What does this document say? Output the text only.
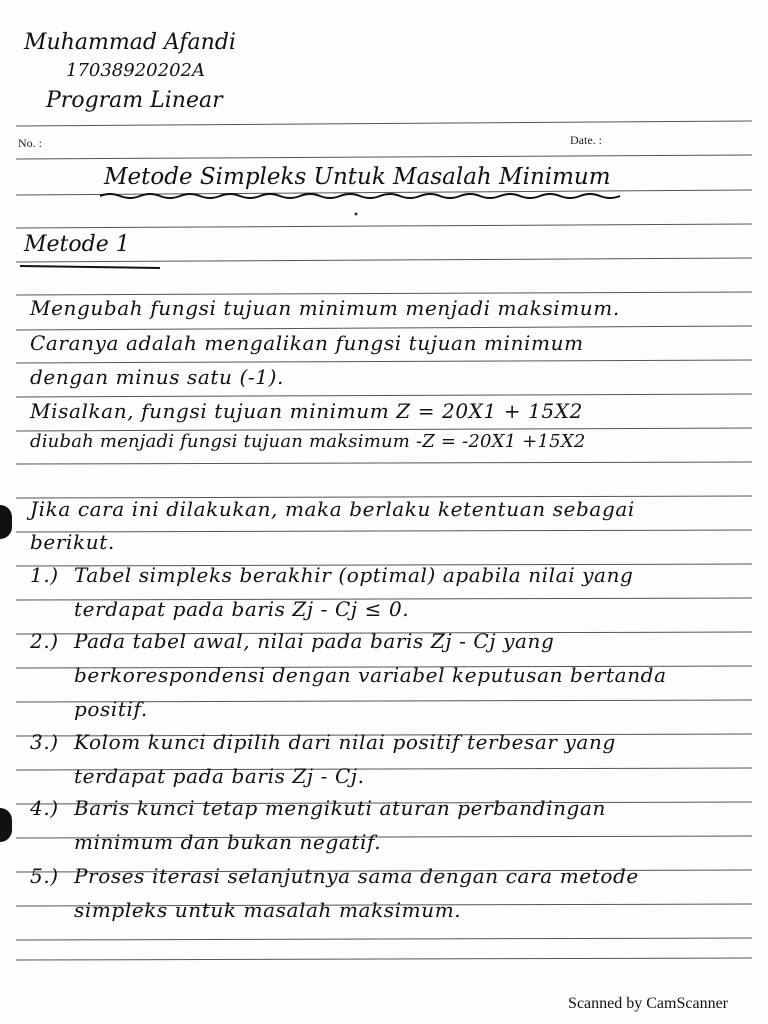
Muhammad Afandi
17038920202A
Program Linear
No. :	Date. :
Metode Simpleks Untuk Masalah Minimum
Metode 1
Mengubah fungsi tujuan minimum menjadi maksimum.
Caranya adalah mengalikan fungsi tujuan minimum
dengan minus satu (-1).
Misalkan, fungsi tujuan minimum Z = 20X1 + 15X2
diubah menjadi fungsi tujuan maksimum -Z = -20X1 +15X2
Jika cara ini dilakukan, maka berlaku ketentuan sebagai
berikut.
1.) Tabel simpleks berakhir (optimal) apabila nilai yang
terdapat pada baris Zj - Cj ≤ 0.
2.) Pada tabel awal, nilai pada baris Zj - Cj yang
berkorespondensi dengan variabel keputusan bertanda
positif.
3.) Kolom kunci dipilih dari nilai positif terbesar yang
terdapat pada baris Zj - Cj.
4.) Baris kunci tetap mengikuti aturan perbandingan
minimum dan bukan negatif.
5.) Proses iterasi selanjutnya sama dengan cara metode
simpleks untuk masalah maksimum.
Scanned by CamScanner
